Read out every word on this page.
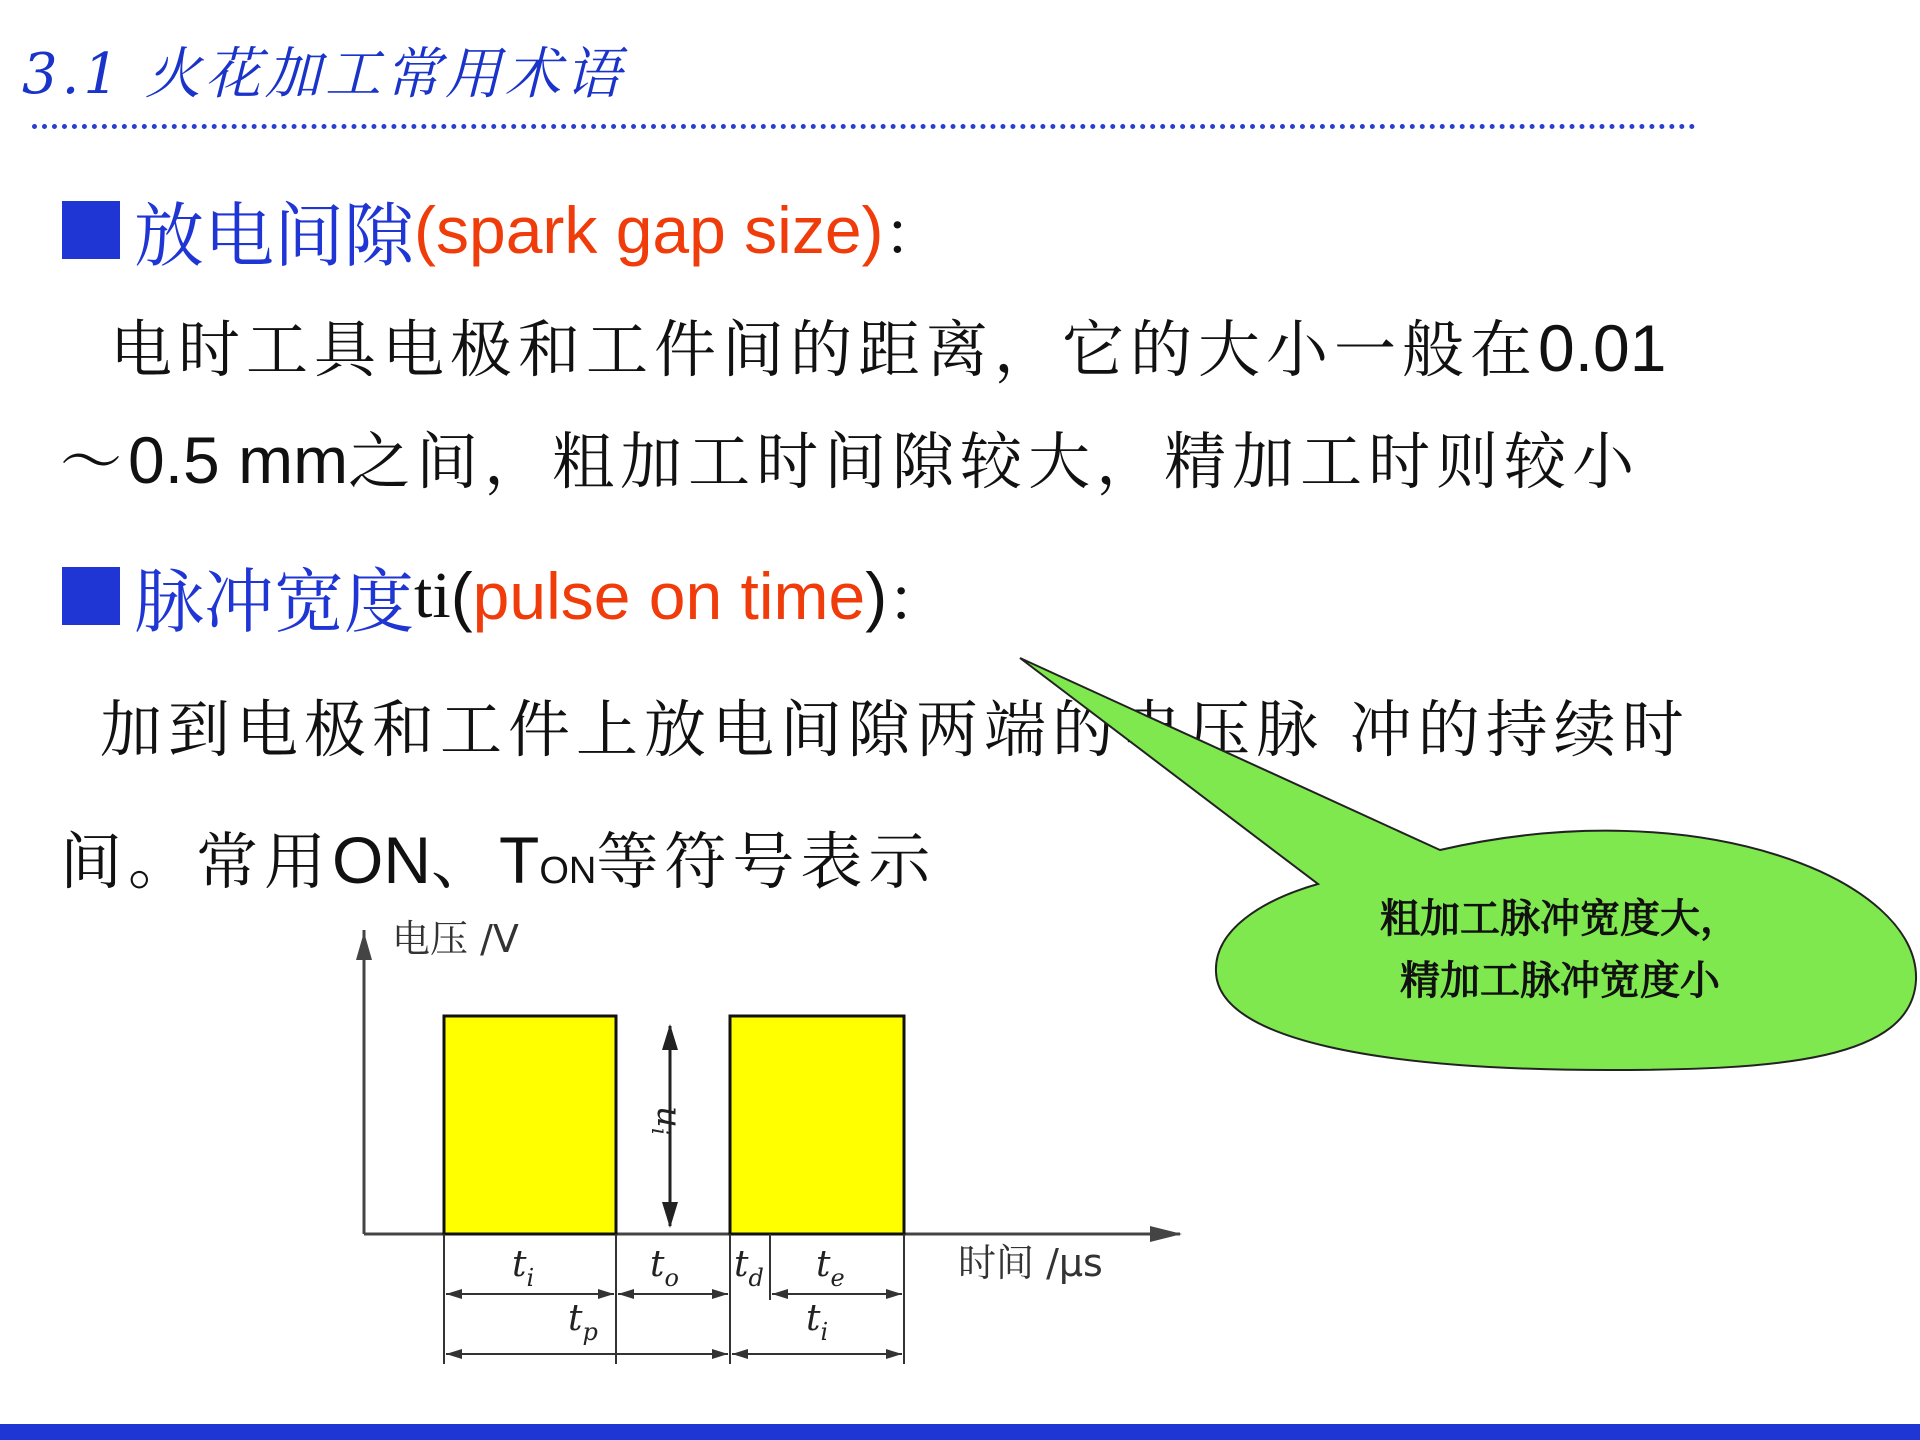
3.1 火花加工常用术语
放电间隙 ( spark gap size ) ：
电时工具电极和工件间的距离，它的大小一般在0.01
～0.5 mm之间，粗加工时间隙较大，精加工时则较小
脉冲宽度 ti ( pulse on time ) ：
加到电极和工件上放电间隙两端的电压脉 冲的持续时
间。常用ON、TON等符号表示
电压 /V
时间 /μs
ui
$t_i$	$t_o$ $t_d$ $t_e$
$t_p$	$t_i$
粗加工脉冲宽度大，
精加工脉冲宽度小
